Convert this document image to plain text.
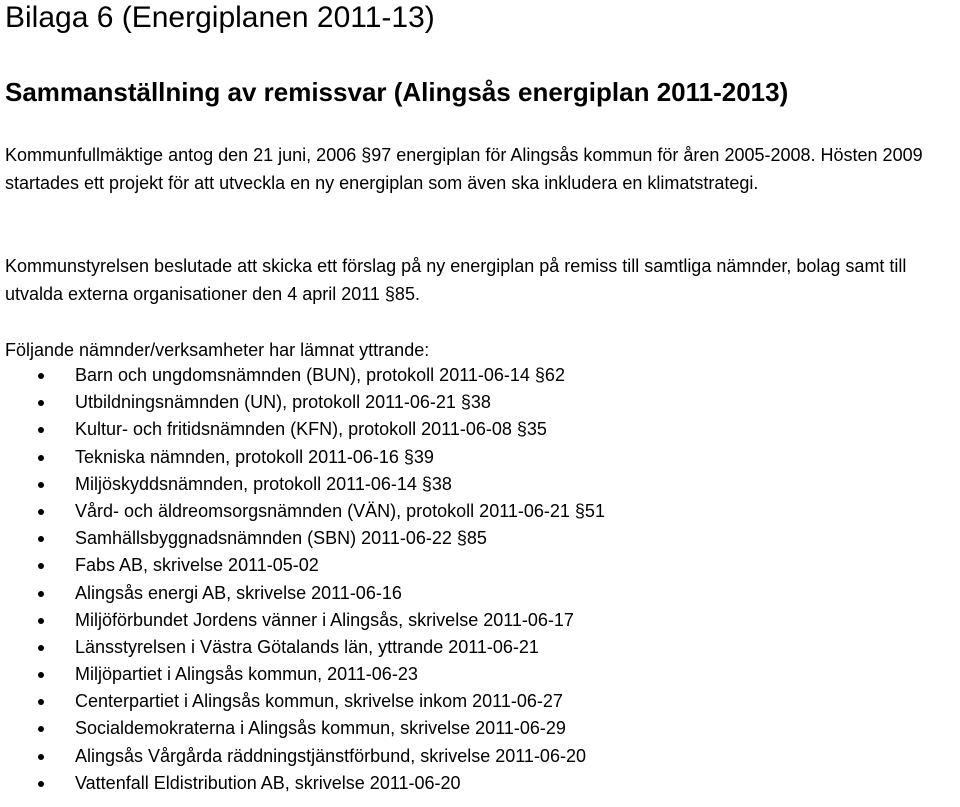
Bilaga 6 (Energiplanen 2011-13)
Sammanställning av remissvar (Alingsås energiplan 2011-2013)

Kommunfullmäktige antog den 21 juni, 2006 §97 energiplan för Alingsås kommun för åren 2005-2008. Hösten 2009 startades ett projekt för att utveckla en ny energiplan som även ska inkludera en klimatstrategi.

Kommunstyrelsen beslutade att skicka ett förslag på ny energiplan på remiss till samtliga nämnder, bolag samt till utvalda externa organisationer den 4 april 2011 §85.

Följande nämnder/verksamheter har lämnat yttrande:

Barn och ungdomsnämnden (BUN), protokoll 2011-06-14 §62
Utbildningsnämnden (UN), protokoll 2011-06-21 §38
Kultur- och fritidsnämnden (KFN), protokoll 2011-06-08 §35
Tekniska nämnden, protokoll 2011-06-16 §39
Miljöskyddsnämnden, protokoll 2011-06-14 §38
Vård- och äldreomsorgsnämnden (VÄN), protokoll 2011-06-21 §51
Samhällsbyggnadsnämnden (SBN) 2011-06-22 §85
Fabs AB, skrivelse 2011-05-02
Alingsås energi AB, skrivelse 2011-06-16
Miljöförbundet Jordens vänner i Alingsås, skrivelse 2011-06-17
Länsstyrelsen i Västra Götalands län, yttrande 2011-06-21
Miljöpartiet i Alingsås kommun, 2011-06-23
Centerpartiet i Alingsås kommun, skrivelse inkom 2011-06-27
Socialdemokraterna i Alingsås kommun, skrivelse 2011-06-29
Alingsås Vårgårda räddningstjänstförbund, skrivelse 2011-06-20
Vattenfall Eldistribution AB, skrivelse 2011-06-20
